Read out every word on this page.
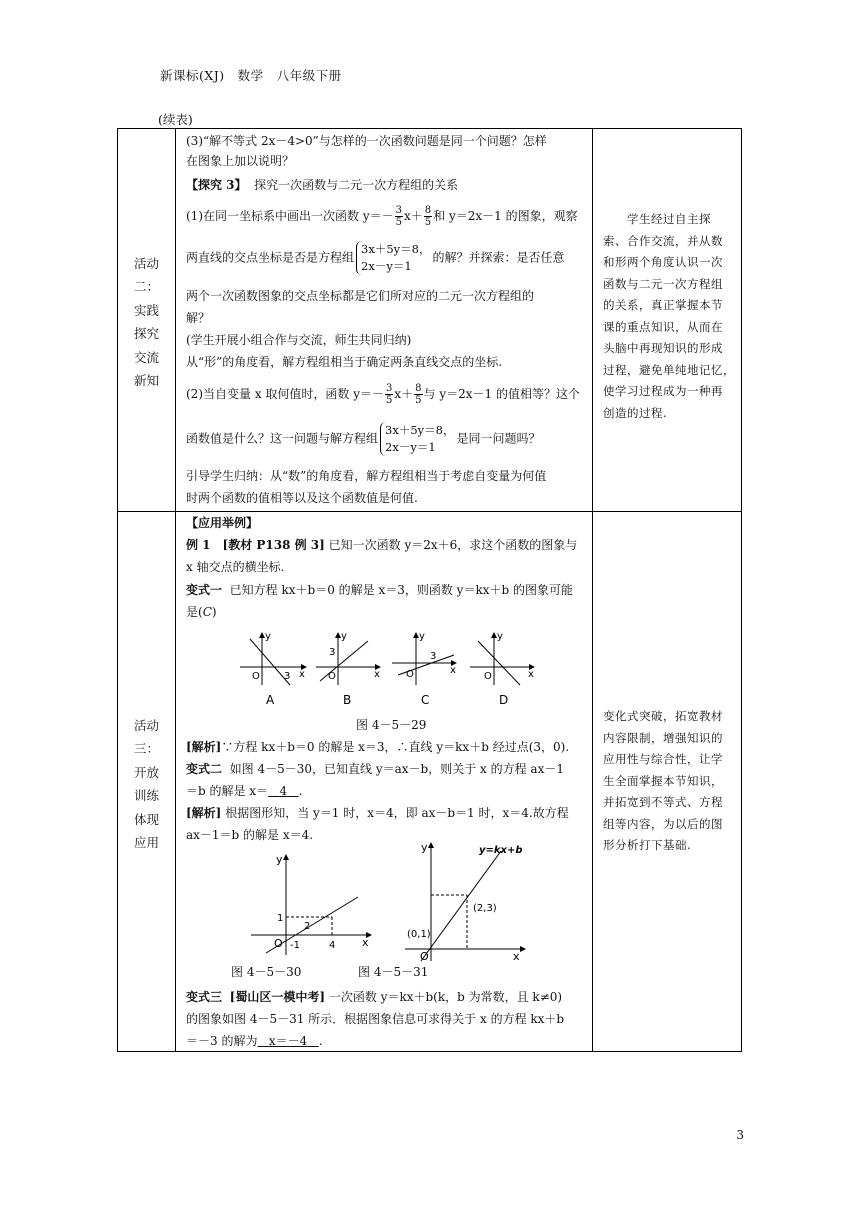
新课标(XJ)　数学　八年级下册
(续表)
活动
二：
实践
探究
交流
新知
(3)“解不等式 2x－4>0”与怎样的一次函数问题是同一个问题？怎样
在图象上加以说明？
【探究 3】 探究一次函数与二元一次方程组的关系
(1)在同一坐标系中画出一次函数 $y=- \frac{3}{5} x+ \frac{8}{5}$ 和 y＝2x－1 的图象，观察
两直线的交点坐标是否是方程组
3x＋5y＝8，
2x－y＝1
的解？并探索：是否任意
两个一次函数图象的交点坐标都是它们所对应的二元一次方程组的
解？
(学生开展小组合作与交流，师生共同归纳)
从“形”的角度看，解方程组相当于确定两条直线交点的坐标.
(2)当自变量 x 取何值时，函数 $y=- \frac{3}{5} x+ \frac{8}{5}$ 与 y＝2x－1 的值相等？这个
函数值是什么？这一问题与解方程组
3x＋5y＝8，
2x－y＝1
是同一问题吗？
引导学生归纳：从“数”的角度看，解方程组相当于考虑自变量为何值
时两个函数的值相等以及这个函数值是何值.
学生经过自主探
索、合作交流，并从数
和形两个角度认识一次
函数与二元一次方程组
的关系，真正掌握本节
课的重点知识，从而在
头脑中再现知识的形成
过程，避免单纯地记忆，
使学习过程成为一种再
创造的过程.
活动
三：
开放
训练
体现
应用
【应用举例】
例 1　[教材 P138 例 3] 已知一次函数 y＝2x＋6，求这个函数的图象与
x 轴交点的横坐标.
变式一 已知方程 kx＋b＝0 的解是 x＝3，则函数 y＝kx＋b 的图象可能
是(C)
y
x
O 3
A
y
x
O
3
B
y
x
O
3
C
y
x
O
D
图 4－5－29
[解析]∵方程 kx＋b＝0 的解是 x＝3，∴直线 y＝kx＋b 经过点(3，0).
变式二 如图 4－5－30，已知直线 y＝ax－b，则关于 x 的方程 ax－1
＝b 的解是 x＝ 4 .
[解析] 根据图形知，当 y＝1 时，x＝4，即 ax－b＝1 时，x＝4.故方程
ax－1＝b 的解是 x＝4.
y
x
O
1
2
-1	4
y
x
O
(0,1)
(2,3)
y=kx+b
图 4－5－30	图 4－5－31
变式三 [蜀山区一模中考] 一次函数 y＝kx＋b(k，b 为常数，且 k≠0)
的图象如图 4－5－31 所示．根据图象信息可求得关于 x 的方程 kx＋b
＝－3 的解为 x＝－4 .
变化式突破，拓宽教材
内容限制，增强知识的
应用性与综合性，让学
生全面掌握本节知识，
并拓宽到不等式、方程
组等内容，为以后的图
形分析打下基础.
3
